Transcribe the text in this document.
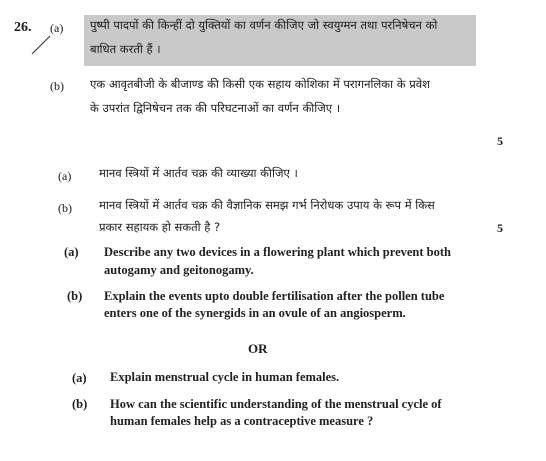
26. (a) पुष्पी पादपों की किन्हीं दो युक्तियों का वर्णन कीजिए जो स्वयुग्मन तथा परनिषेचन को
बाधित करती हैं ।
(b) एक आवृतबीजी के बीजाण्ड की किसी एक सहाय कोशिका में परागनलिका के प्रवेश
के उपरांत द्विनिषेचन तक की परिघटनाओं का वर्णन कीजिए ।
5
(a) मानव स्त्रियों में आर्तव चक्र की व्याख्या कीजिए ।
(b) मानव स्त्रियों में आर्तव चक्र की वैज्ञानिक समझ गर्भ निरोधक उपाय के रूप में किस
प्रकार सहायक हो सकती है ?	5
(a) Describe any two devices in a flowering plant which prevent both
autogamy and geitonogamy.
(b) Explain the events upto double fertilisation after the pollen tube
enters one of the synergids in an ovule of an angiosperm.
OR
(a) Explain menstrual cycle in human females.
(b) How can the scientific understanding of the menstrual cycle of
human females help as a contraceptive measure ?
